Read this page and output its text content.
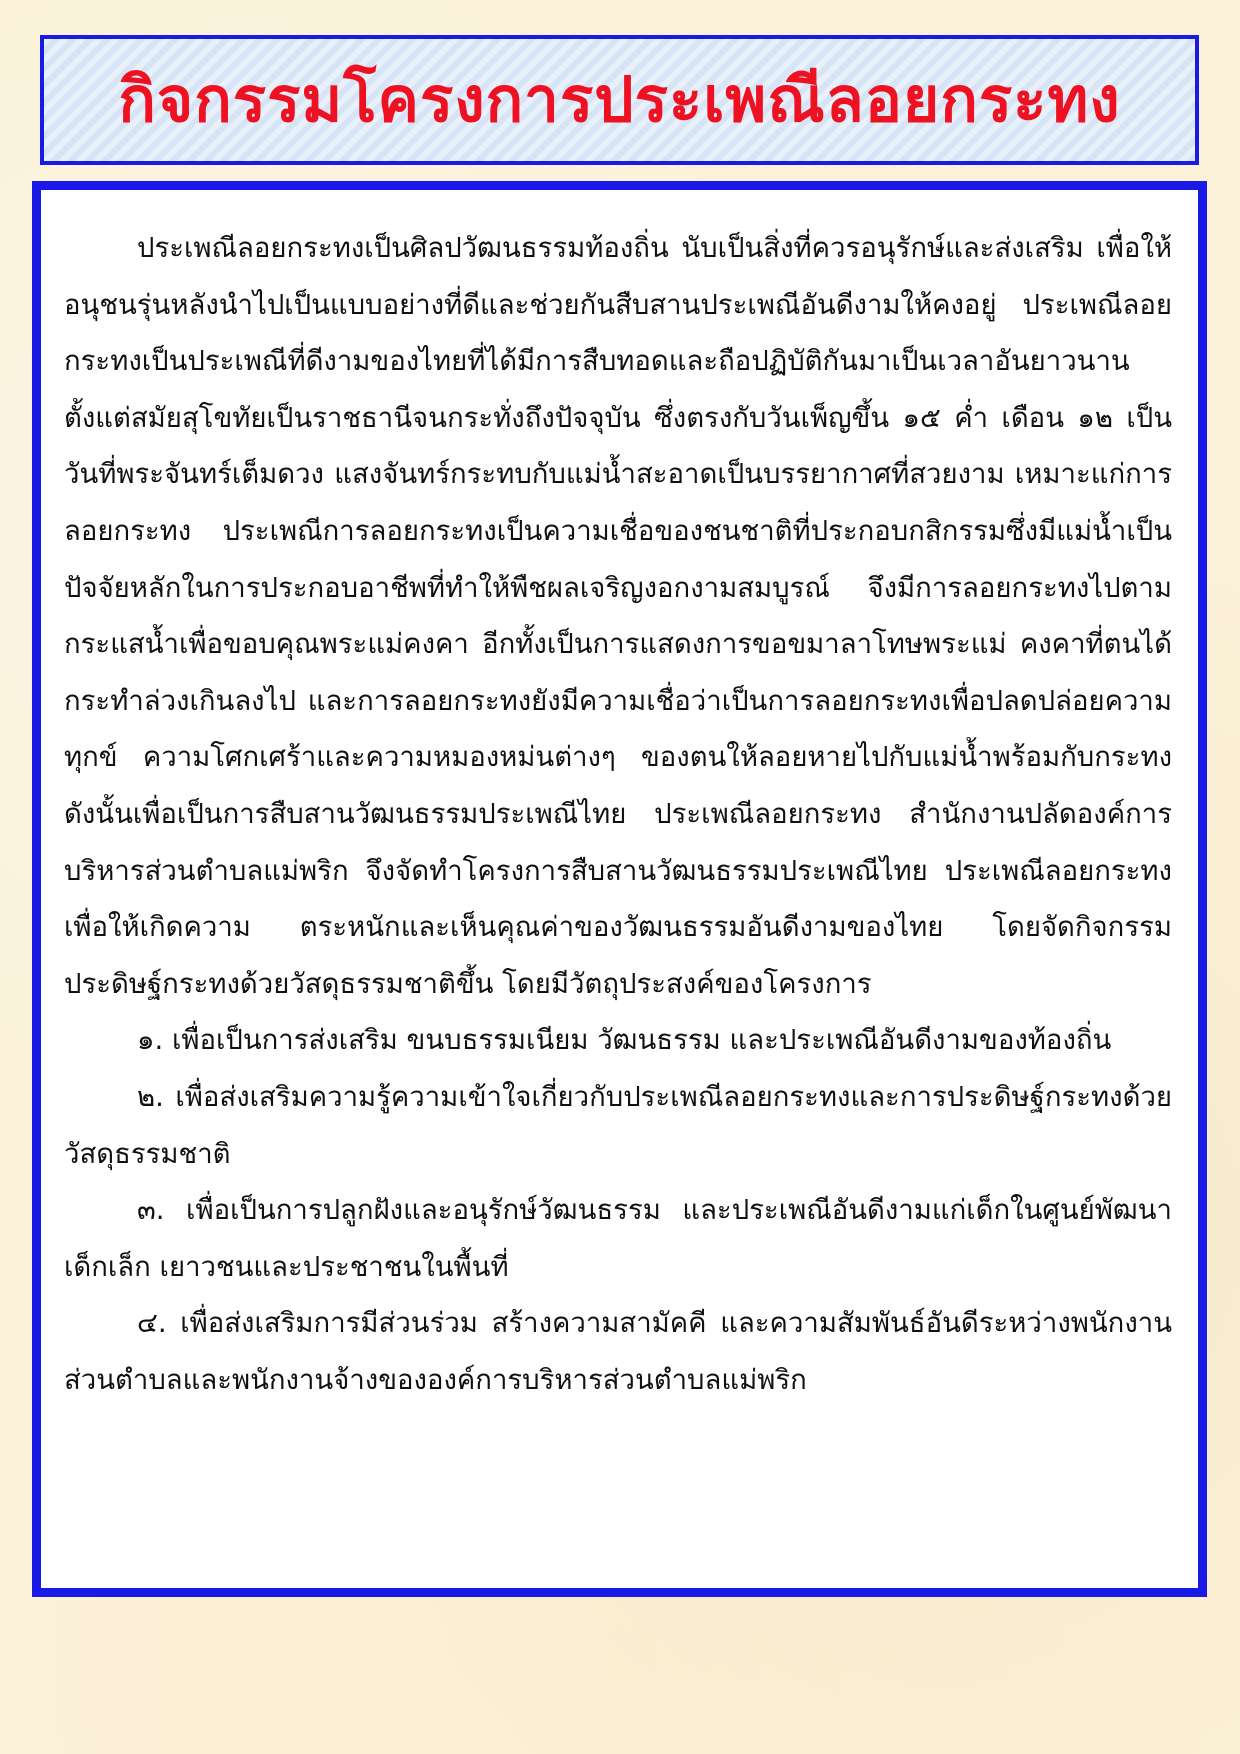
กิจกรรมโครงการประเพณีลอยกระทง

ประเพณีลอยกระทงเป็นศิลปวัฒนธรรมท้องถิ่น นับเป็นสิ่งที่ควรอนุรักษ์และส่งเสริม เพื่อให้อนุชนรุ่นหลังนำไปเป็นแบบอย่างที่ดีและช่วยกันสืบสานประเพณีอันดีงามให้คงอยู่ ประเพณีลอยกระทงเป็นประเพณีที่ดีงามของไทยที่ได้มีการสืบทอดและถือปฏิบัติกันมาเป็นเวลาอันยาวนาน ตั้งแต่สมัยสุโขทัยเป็นราชธานีจนกระทั่งถึงปัจจุบัน ซึ่งตรงกับวันเพ็ญขึ้น ๑๕ ค่ำ เดือน ๑๒ เป็นวันที่พระจันทร์เต็มดวง แสงจันทร์กระทบกับแม่น้ำสะอาดเป็นบรรยากาศที่สวยงาม เหมาะแก่การลอยกระทง ประเพณีการลอยกระทงเป็นความเชื่อของชนชาติที่ประกอบกสิกรรมซึ่งมีแม่น้ำเป็นปัจจัยหลักในการประกอบอาชีพที่ทำให้พืชผลเจริญงอกงามสมบูรณ์ จึงมีการลอยกระทงไปตาม กระแสน้ำเพื่อขอบคุณพระแม่คงคา อีกทั้งเป็นการแสดงการขอขมาลาโทษพระแม่ คงคาที่ตนได้กระทำล่วงเกินลงไป และการลอยกระทงยังมีความเชื่อว่าเป็นการลอยกระทงเพื่อปลดปล่อยความทุกข์ ความโศกเศร้าและความหมองหม่นต่างๆ ของตนให้ลอยหายไปกับแม่น้ำพร้อมกับกระทง ดังนั้นเพื่อเป็นการสืบสานวัฒนธรรมประเพณีไทย ประเพณีลอยกระทง สำนักงานปลัดองค์การ บริหารส่วนตำบลแม่พริก จึงจัดทำโครงการสืบสานวัฒนธรรมประเพณีไทย ประเพณีลอยกระทงเพื่อให้เกิดความ ตระหนักและเห็นคุณค่าของวัฒนธรรมอันดีงามของไทย โดยจัดกิจกรรมประดิษฐ์กระทงด้วยวัสดุธรรมชาติขึ้น โดยมีวัตถุประสงค์ของโครงการ

๑. เพื่อเป็นการส่งเสริม ขนบธรรมเนียม วัฒนธรรม และประเพณีอันดีงามของท้องถิ่น

๒. เพื่อส่งเสริมความรู้ความเข้าใจเกี่ยวกับประเพณีลอยกระทงและการประดิษฐ์กระทงด้วยวัสดุธรรมชาติ

๓. เพื่อเป็นการปลูกฝังและอนุรักษ์วัฒนธรรม และประเพณีอันดีงามแก่เด็กในศูนย์พัฒนาเด็กเล็ก เยาวชนและประชาชนในพื้นที่

๔. เพื่อส่งเสริมการมีส่วนร่วม สร้างความสามัคคี และความสัมพันธ์อันดีระหว่างพนักงานส่วนตำบลและพนักงานจ้างขององค์การบริหารส่วนตำบลแม่พริก
